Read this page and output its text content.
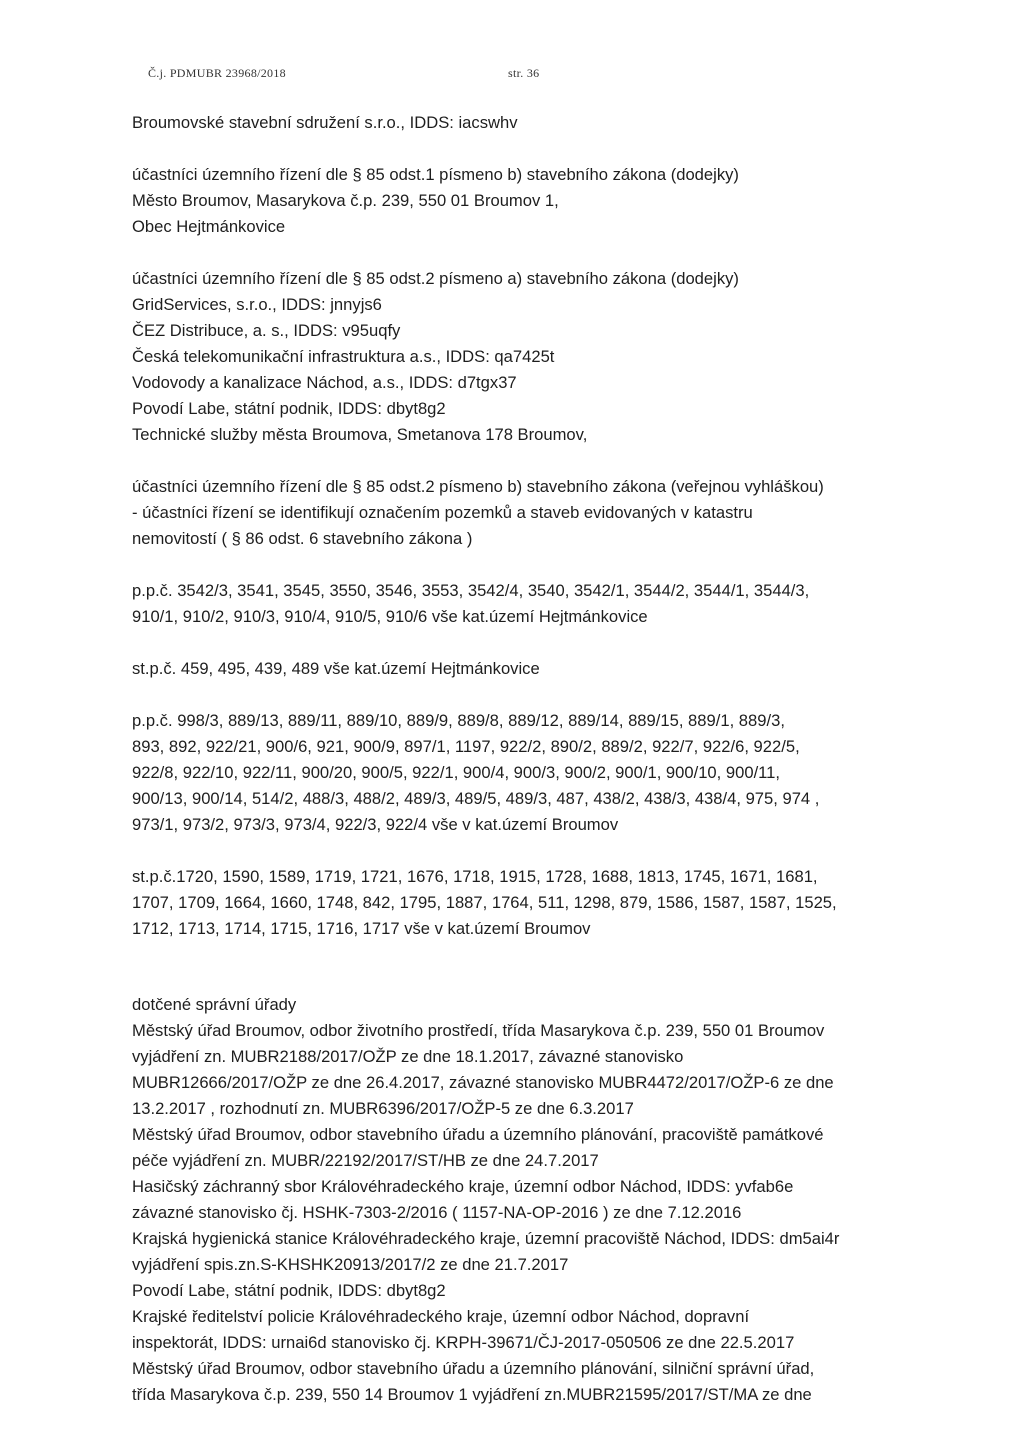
Č.j. PDMUBR 23968/2018	str. 36
Broumovské stavební sdružení s.r.o., IDDS: iacswhv
účastníci územního řízení dle § 85 odst.1 písmeno b) stavebního zákona (dodejky)
Město Broumov, Masarykova č.p. 239, 550 01 Broumov 1,
Obec Hejtmánkovice
účastníci územního řízení dle § 85 odst.2 písmeno a) stavebního zákona (dodejky)
GridServices, s.r.o., IDDS: jnnyjs6
ČEZ Distribuce, a. s., IDDS: v95uqfy
Česká telekomunikační infrastruktura a.s., IDDS: qa7425t
Vodovody a kanalizace Náchod, a.s., IDDS: d7tgx37
Povodí Labe, státní podnik, IDDS: dbyt8g2
Technické služby města Broumova, Smetanova 178 Broumov,
účastníci územního řízení dle § 85 odst.2 písmeno b) stavebního zákona (veřejnou vyhláškou)
- účastníci řízení se identifikují označením pozemků a staveb evidovaných v katastru
nemovitostí ( § 86 odst. 6 stavebního zákona )
p.p.č. 3542/3, 3541, 3545, 3550, 3546, 3553, 3542/4, 3540, 3542/1, 3544/2, 3544/1, 3544/3,
910/1, 910/2, 910/3, 910/4, 910/5, 910/6 vše kat.území Hejtmánkovice
st.p.č. 459, 495, 439, 489 vše kat.území Hejtmánkovice
p.p.č. 998/3, 889/13, 889/11, 889/10, 889/9, 889/8, 889/12, 889/14, 889/15, 889/1, 889/3,
893, 892, 922/21, 900/6, 921, 900/9, 897/1, 1197, 922/2, 890/2, 889/2, 922/7, 922/6, 922/5,
922/8, 922/10, 922/11, 900/20, 900/5, 922/1, 900/4, 900/3, 900/2, 900/1, 900/10, 900/11,
900/13, 900/14, 514/2, 488/3, 488/2, 489/3, 489/5, 489/3, 487, 438/2, 438/3, 438/4, 975, 974 ,
973/1, 973/2, 973/3, 973/4, 922/3, 922/4 vše v kat.území Broumov
st.p.č.1720, 1590, 1589, 1719, 1721, 1676, 1718, 1915, 1728, 1688, 1813, 1745, 1671, 1681,
1707, 1709, 1664, 1660, 1748, 842, 1795, 1887, 1764, 511, 1298, 879, 1586, 1587, 1587, 1525,
1712, 1713, 1714, 1715, 1716, 1717 vše v kat.území Broumov
dotčené správní úřady
Městský úřad Broumov, odbor životního prostředí, třída Masarykova č.p. 239, 550 01 Broumov
vyjádření zn. MUBR2188/2017/OŽP ze dne 18.1.2017, závazné stanovisko
MUBR12666/2017/OŽP ze dne 26.4.2017, závazné stanovisko MUBR4472/2017/OŽP-6 ze dne
13.2.2017 , rozhodnutí zn. MUBR6396/2017/OŽP-5 ze dne 6.3.2017
Městský úřad Broumov, odbor stavebního úřadu a územního plánování, pracoviště památkové
péče vyjádření zn. MUBR/22192/2017/ST/HB ze dne 24.7.2017
Hasičský záchranný sbor Královéhradeckého kraje, územní odbor Náchod, IDDS: yvfab6e
závazné stanovisko čj. HSHK-7303-2/2016 ( 1157-NA-OP-2016 ) ze dne 7.12.2016
Krajská hygienická stanice Královéhradeckého kraje, územní pracoviště Náchod, IDDS: dm5ai4r
vyjádření spis.zn.S-KHSHK20913/2017/2 ze dne 21.7.2017
Povodí Labe, státní podnik, IDDS: dbyt8g2
Krajské ředitelství policie Královéhradeckého kraje, územní odbor Náchod, dopravní
inspektorát, IDDS: urnai6d stanovisko čj. KRPH-39671/ČJ-2017-050506 ze dne 22.5.2017
Městský úřad Broumov, odbor stavebního úřadu a územního plánování, silniční správní úřad,
třída Masarykova č.p. 239, 550 14 Broumov 1 vyjádření zn.MUBR21595/2017/ST/MA ze dne
